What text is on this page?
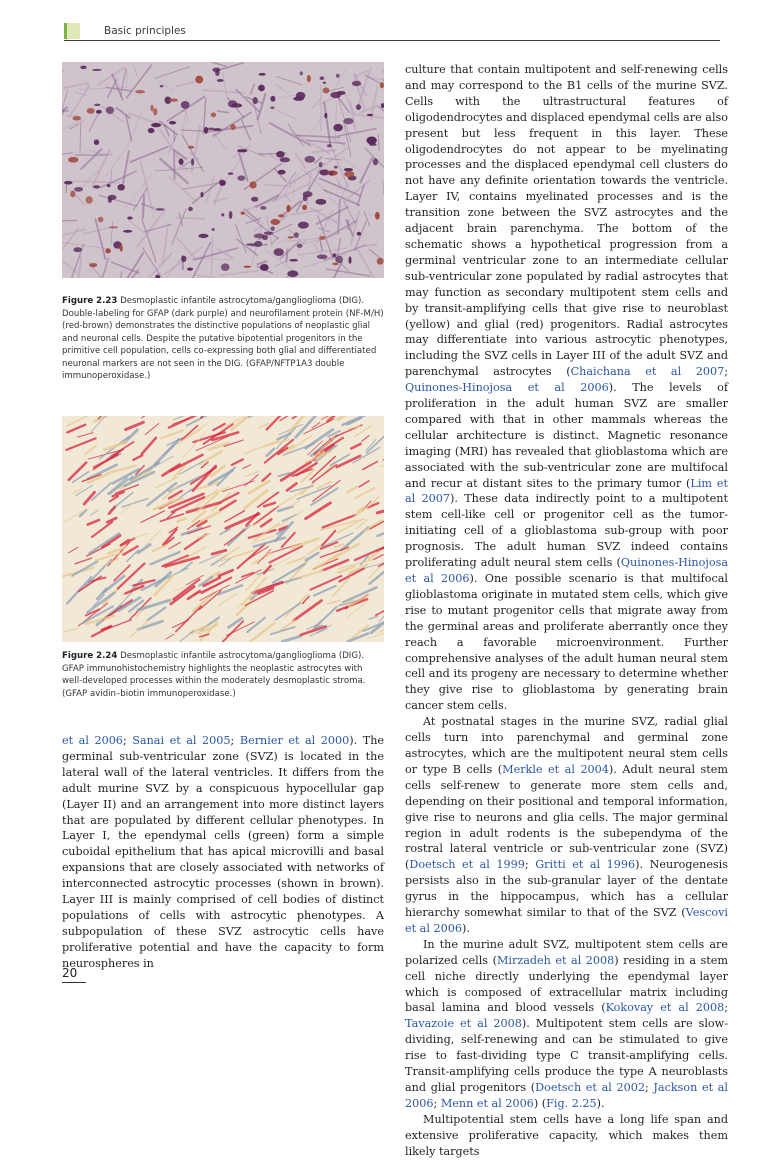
Basic principles
Figure 2.23 Desmoplastic infantile astrocytoma/ganglioglioma (DIG). Double-labeling for GFAP (dark purple) and neurofilament protein (NF-M/H) (red-brown) demonstrates the distinctive populations of neoplastic glial and neuronal cells. Despite the putative bipotential progenitors in the primitive cell population, cells co-expressing both glial and differentiated neuronal markers are not seen in the DIG. (GFAP/NFTP1A3 double immunoperoxidase.)
Figure 2.24 Desmoplastic infantile astrocytoma/ganglioglioma (DIG). GFAP immunohistochemistry highlights the neoplastic astrocytes with well-developed processes within the moderately desmoplastic stroma. (GFAP avidin–biotin immunoperoxidase.)

et al 2006; Sanai et al 2005; Bernier et al 2000). The germinal sub-ventricular zone (SVZ) is located in the lateral wall of the lateral ventricles. It differs from the adult murine SVZ by a conspicuous hypocellular gap (Layer II) and an arrangement into more distinct layers that are populated by different cellular phenotypes. In Layer I, the ependymal cells (green) form a simple cuboidal epithelium that has apical microvilli and basal expansions that are closely associated with networks of interconnected astrocytic processes (shown in brown). Layer III is mainly comprised of cell bodies of distinct populations of cells with astrocytic phenotypes. A subpopulation of these SVZ astrocytic cells have proliferative potential and have the capacity to form neurospheres in

culture that contain multipotent and self-renewing cells and may correspond to the B1 cells of the murine SVZ. Cells with the ultrastructural features of oligodendrocytes and displaced ependymal cells are also present but less frequent in this layer. These oligodendrocytes do not appear to be myelinating processes and the displaced ependymal cell clusters do not have any definite orientation towards the ventricle. Layer IV, contains myelinated processes and is the transition zone between the SVZ astrocytes and the adjacent brain parenchyma. The bottom of the schematic shows a hypothetical progression from a germinal ventricular zone to an intermediate cellular sub-ventricular zone populated by radial astrocytes that may function as secondary multipotent stem cells and by transit-amplifying cells that give rise to neuroblast (yellow) and glial (red) progenitors. Radial astrocytes may differentiate into various astrocytic phenotypes, including the SVZ cells in Layer III of the adult SVZ and parenchymal astrocytes (Chaichana et al 2007; Quinones-Hinojosa et al 2006). The levels of proliferation in the adult human SVZ are smaller compared with that in other mammals whereas the cellular architecture is distinct. Magnetic resonance imaging (MRI) has revealed that glioblastoma which are associated with the sub-ventricular zone are multifocal and recur at distant sites to the primary tumor (Lim et al 2007). These data indirectly point to a multipotent stem cell-like cell or progenitor cell as the tumor-initiating cell of a glioblastoma sub-group with poor prognosis. The adult human SVZ indeed contains proliferating adult neural stem cells (Quinones-Hinojosa et al 2006). One possible scenario is that multifocal glioblastoma originate in mutated stem cells, which give rise to mutant progenitor cells that migrate away from the germinal areas and proliferate aberrantly once they reach a favorable microenvironment. Further comprehensive analyses of the adult human neural stem cell and its progeny are necessary to determine whether they give rise to glioblastoma by generating brain cancer stem cells.

At postnatal stages in the murine SVZ, radial glial cells turn into parenchymal and germinal zone astrocytes, which are the multipotent neural stem cells or type B cells (Merkle et al 2004). Adult neural stem cells self-renew to generate more stem cells and, depending on their positional and temporal information, give rise to neurons and glia cells. The major germinal region in adult rodents is the subependyma of the rostral lateral ventricle or sub-ventricular zone (SVZ) (Doetsch et al 1999; Gritti et al 1996). Neurogenesis persists also in the sub-granular layer of the dentate gyrus in the hippocampus, which has a cellular hierarchy somewhat similar to that of the SVZ (Vescovi et al 2006).

In the murine adult SVZ, multipotent stem cells are polarized cells (Mirzadeh et al 2008) residing in a stem cell niche directly underlying the ependymal layer which is composed of extracellular matrix including basal lamina and blood vessels (Kokovay et al 2008; Tavazoie et al 2008). Multipotent stem cells are slow-dividing, self-renewing and can be stimulated to give rise to fast-dividing type C transit-amplifying cells. Transit-amplifying cells produce the type A neuroblasts and glial progenitors (Doetsch et al 2002; Jackson et al 2006; Menn et al 2006) (Fig. 2.25).

Multipotential stem cells have a long life span and extensive proliferative capacity, which makes them likely targets

20
